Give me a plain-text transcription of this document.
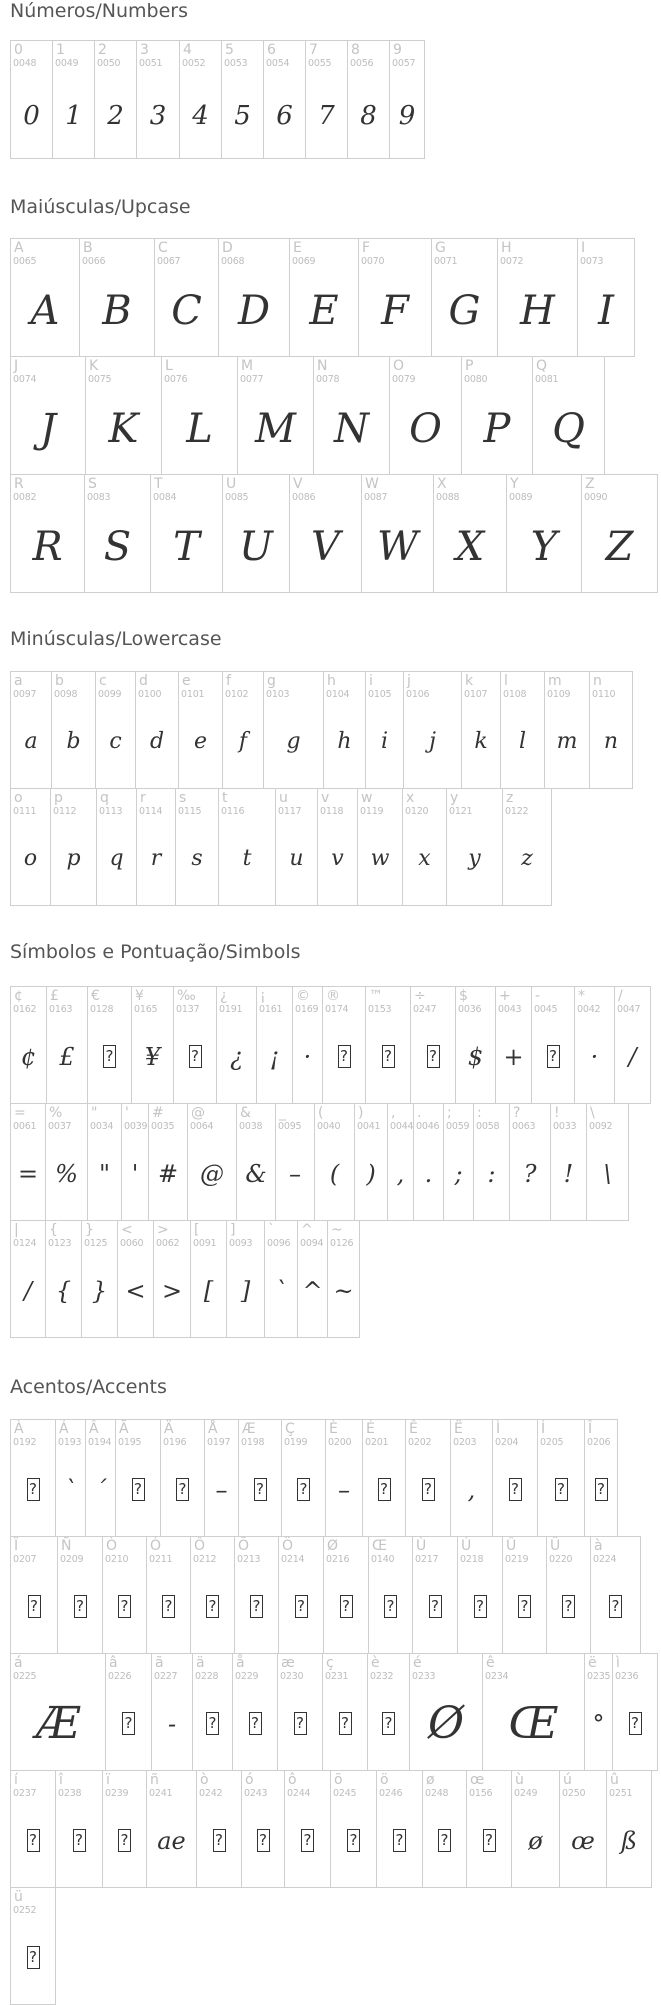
Números/Numbers
0
0048
0
1
0049
1
2
0050
2
3
0051
3
4
0052
4
5
0053
5
6
0054
6
7
0055
7
8
0056
8
9
0057
9
Maiúsculas/Upcase
A
0065
A
B
0066
B
C
0067
C
D
0068
D
E
0069
E
F
0070
F
G
0071
G
H
0072
H
I
0073
I
J
0074
J
K
0075
K
L
0076
L
M
0077
M
N
0078
N
O
0079
O
P
0080
P
Q
0081
Q
R
0082
R
S
0083
S
T
0084
T
U
0085
U
V
0086
V
W
0087
W
X
0088
X
Y
0089
Y
Z
0090
Z
Minúsculas/Lowercase
a
0097
a
b
0098
b
c
0099
c
d
0100
d
e
0101
e
f
0102
f
g
0103
g
h
0104
h
i
0105
i
j
0106
j
k
0107
k
l
0108
l
m
0109
m
n
0110
n
o
0111
o
p
0112
p
q
0113
q
r
0114
r
s
0115
s
t
0116
t
u
0117
u
v
0118
v
w
0119
w
x
0120
x
y
0121
y
z
0122
z
Símbolos e Pontuação/Simbols
¢
0162
¢
£
0163
£
€
0128
?
¥
0165
¥
‰
0137
?
¿
0191
¿
¡
0161
¡
©
0169
·
®
0174
?
™
0153
?
÷
0247
?
$
0036
$
+
0043
+
-
0045
?
*
0042
·
/
0047
/
=
0061
=
%
0037
%
"
0034
"
'
0039
'
#
0035
#
@
0064
@
&
0038
&
_
0095
–
(
0040
(
)
0041
)
,
0044
,
.
0046
.
;
0059
;
:
0058
:
?
0063
?
!
0033
!
\
0092
\
|
0124
/
{
0123
{
}
0125
}
<
0060
<
>
0062
>
[
0091
[
]
0093
]
`
0096
`
^
0094
^
~
0126
~
Acentos/Accents
À
0192
?
Á
0193
`
Â
0194
´
Ã
0195
?
Ä
0196
?
Å
0197
–
Æ
0198
?
Ç
0199
?
È
0200
–
É
0201
?
Ê
0202
?
Ë
0203
,
Ì
0204
?
Í
0205
?
Î
0206
?
Ï
0207
?
Ñ
0209
?
Ò
0210
?
Ó
0211
?
Ô
0212
?
Õ
0213
?
Ö
0214
?
Ø
0216
?
Œ
0140
?
Ù
0217
?
Ú
0218
?
Û
0219
?
Ü
0220
?
à
0224
?
á
0225
Æ
â
0226
?
ã
0227
-
ä
0228
?
å
0229
?
æ
0230
?
ç
0231
?
è
0232
?
é
0233
Ø
ê
0234
Œ
ë
0235
°
ì
0236
?
í
0237
?
î
0238
?
ï
0239
?
ñ
0241
ae
ò
0242
?
ó
0243
?
ô
0244
?
õ
0245
?
ö
0246
?
ø
0248
?
œ
0156
?
ù
0249
ø
ú
0250
œ
û
0251
ß
ü
0252
?
